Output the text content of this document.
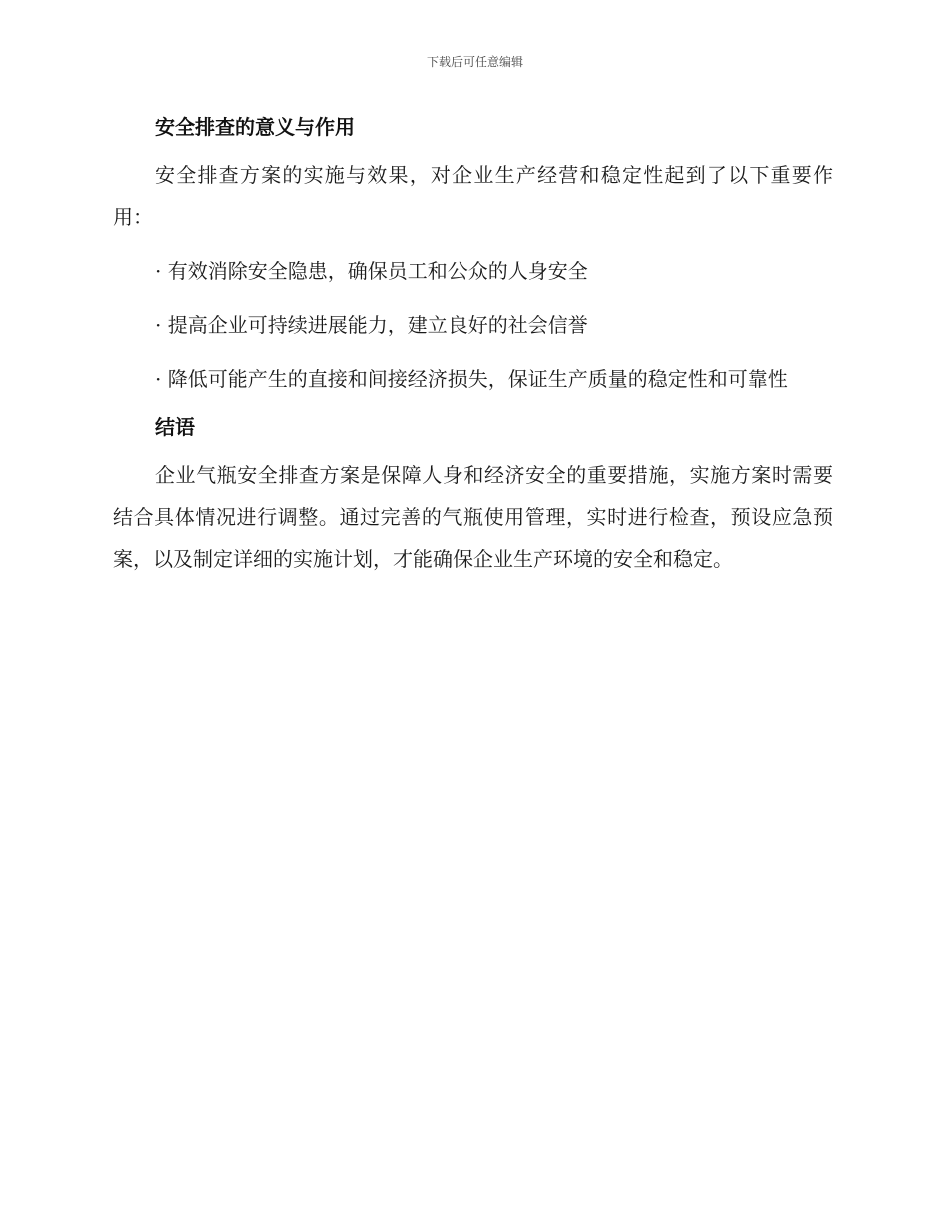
下载后可任意编辑

安全排查的意义与作用

安全排查方案的实施与效果，对企业生产经营和稳定性起到了以下重要作用：

· 有效消除安全隐患，确保员工和公众的人身安全

· 提高企业可持续进展能力，建立良好的社会信誉

· 降低可能产生的直接和间接经济损失，保证生产质量的稳定性和可靠性

结语

企业气瓶安全排查方案是保障人身和经济安全的重要措施，实施方案时需要结合具体情况进行调整。通过完善的气瓶使用管理，实时进行检查，预设应急预案，以及制定详细的实施计划，才能确保企业生产环境的安全和稳定。
